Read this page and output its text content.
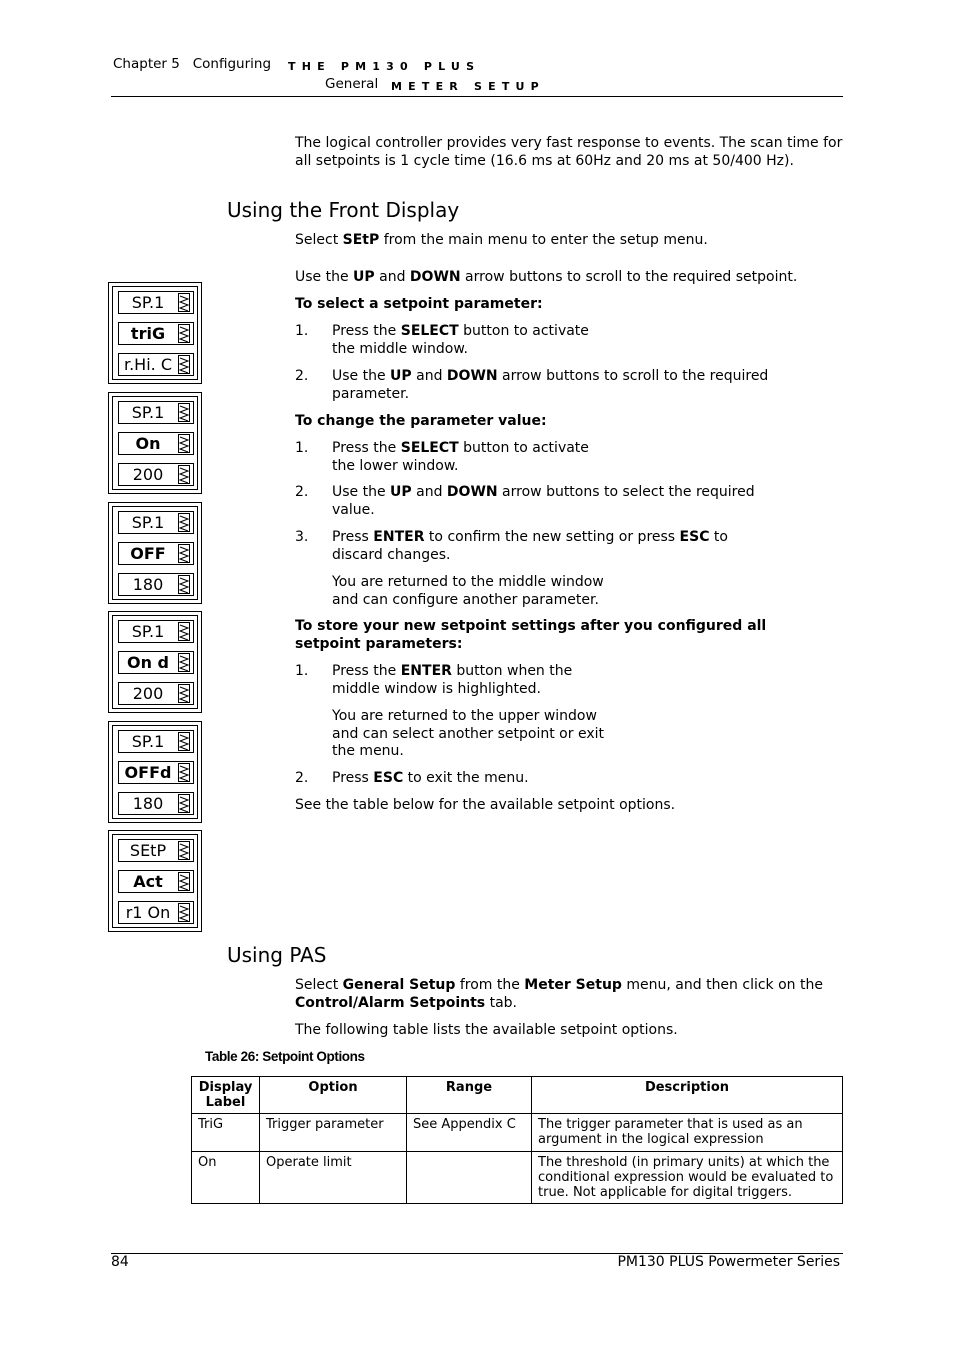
Chapter 5 Configuring THE PM130 PLUS
General METER SETUP
The logical controller provides very fast response to events. The scan time for all setpoints is 1 cycle time (16.6 ms at 60Hz and 20 ms at 50/400 Hz).
Using the Front Display
Select SEtP from the main menu to enter the setup menu.
Use the UP and DOWN arrow buttons to scroll to the required setpoint.
To select a setpoint parameter:
1. Press the SELECT button to activate
the middle window.
2. Use the UP and DOWN arrow buttons to scroll to the required
parameter.
To change the parameter value:
1. Press the SELECT button to activate
the lower window.
2. Use the UP and DOWN arrow buttons to select the required
value.
3. Press ENTER to confirm the new setting or press ESC to
discard changes.
You are returned to the middle window
and can configure another parameter.
To store your new setpoint settings after you configured all
setpoint parameters:
1. Press the ENTER button when the
middle window is highlighted.
You are returned to the upper window
and can select another setpoint or exit
the menu.
2. Press ESC to exit the menu.
See the table below for the available setpoint options.
SP.1
triG
r.Hi. C
SP.1
On
200
SP.1
OFF
180
SP.1
On d
200
SP.1
OFFd
180
SEtP
Act
r1 On
Using PAS
Select General Setup from the Meter Setup menu, and then click on the
Control/Alarm Setpoints tab.
The following table lists the available setpoint options.
Table 26: Setpoint Options
Display Label	Option	Range	Description
TriG	Trigger parameter	See Appendix C	The trigger parameter that is used as an argument in the logical expression
On	Operate limit		The threshold (in primary units) at which the conditional expression would be evaluated to true. Not applicable for digital triggers.
84	PM130 PLUS Powermeter Series
